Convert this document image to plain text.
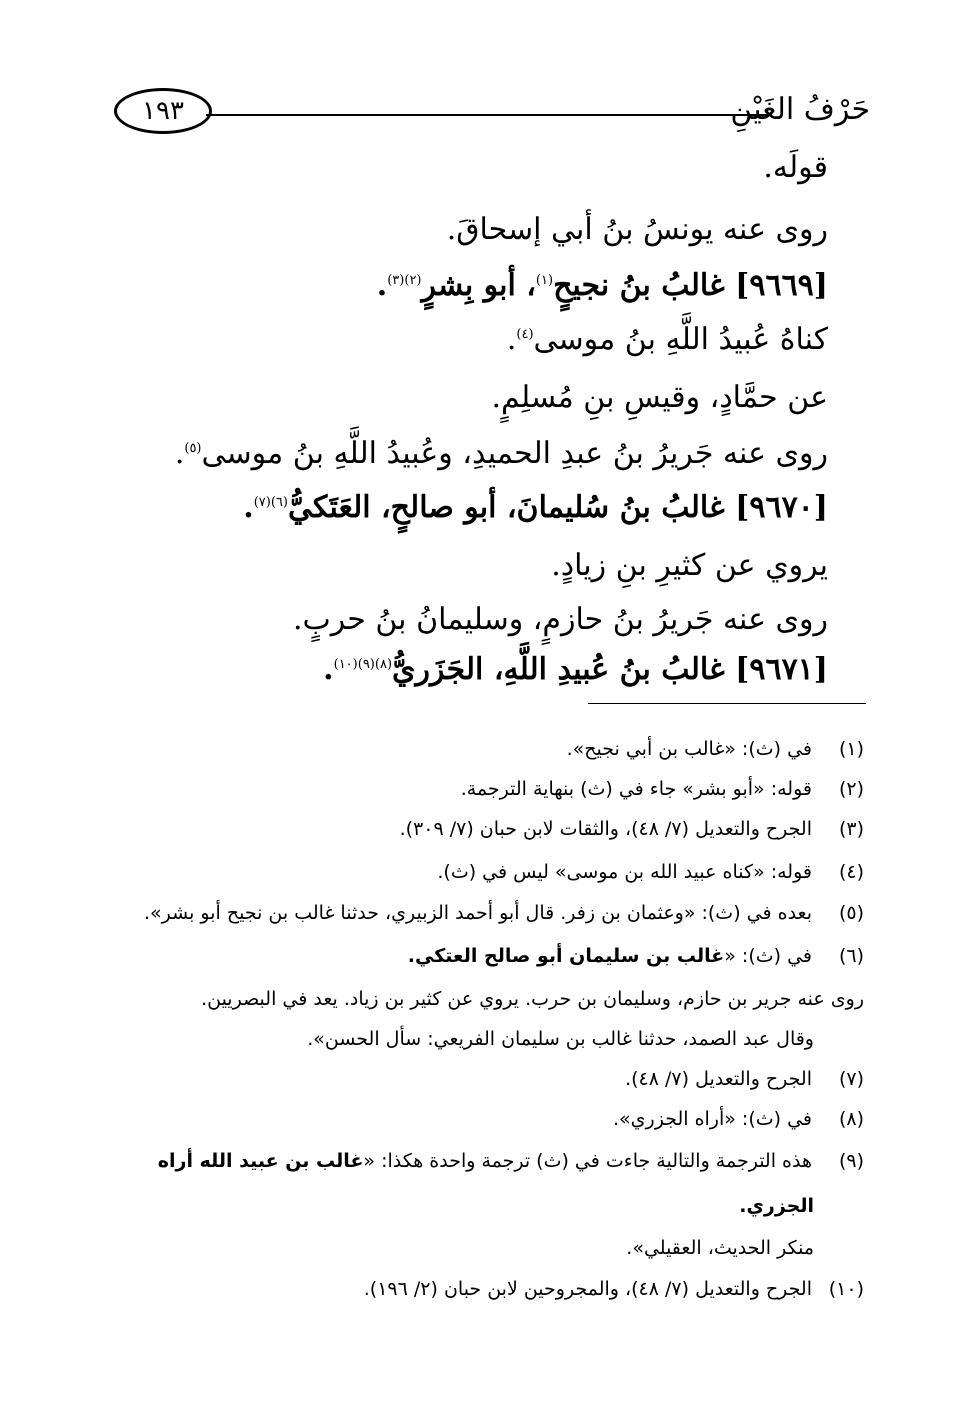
حَرْفُ الغَيْنِ
١٩٣
قولَه.
روى عنه يونسُ بنُ أبي إسحاقَ.
[٩٦٦٩] غالبُ بنُ نجيحٍ$^{(١)}$، أبو بِشرٍ$^{(٢)(٣)}$.
كناهُ عُبيدُ اللَّهِ بنُ موسى$^{(٤)}$.
عن حمَّادٍ، وقيسِ بنِ مُسلِمٍ.
روى عنه جَريرُ بنُ عبدِ الحميدِ، وعُبيدُ اللَّهِ بنُ موسى$^{(٥)}$.
[٩٦٧٠] غالبُ بنُ سُليمانَ، أبو صالحٍ، العَتَكيُّ$^{(٦)(٧)}$.
يروي عن كثيرِ بنِ زيادٍ.
روى عنه جَريرُ بنُ حازمٍ، وسليمانُ بنُ حربٍ.
[٩٦٧١] غالبُ بنُ عُبيدِ اللَّهِ، الجَزَريُّ$^{(٨)(٩)(١٠)}$.
(١)
في (ث): «غالب بن أبي نجيح».
(٢)
قوله: «أبو بشر» جاء في (ث) بنهاية الترجمة.
(٣)
الجرح والتعديل (٧/ ٤٨)، والثقات لابن حبان (٧/ ٣٠٩).
(٤)
قوله: «كناه عبيد الله بن موسى» ليس في (ث).
(٥)
بعده في (ث): «وعثمان بن زفر. قال أبو أحمد الزبيري، حدثنا غالب بن نجيح أبو بشر».
(٦)
في (ث): «غالب بن سليمان أبو صالح العتكي.
روى عنه جرير بن حازم، وسليمان بن حرب. يروي عن كثير بن زياد. يعد في البصريين.
وقال عبد الصمد، حدثنا غالب بن سليمان الفريعي: سأل الحسن».
(٧)
الجرح والتعديل (٧/ ٤٨).
(٨)
في (ث): «أراه الجزري».
(٩)
هذه الترجمة والتالية جاءت في (ث) ترجمة واحدة هكذا: «غالب بن عبيد الله أراه
الجزري.
منكر الحديث، العقيلي».
(١٠)
الجرح والتعديل (٧/ ٤٨)، والمجروحين لابن حبان (٢/ ١٩٦).
